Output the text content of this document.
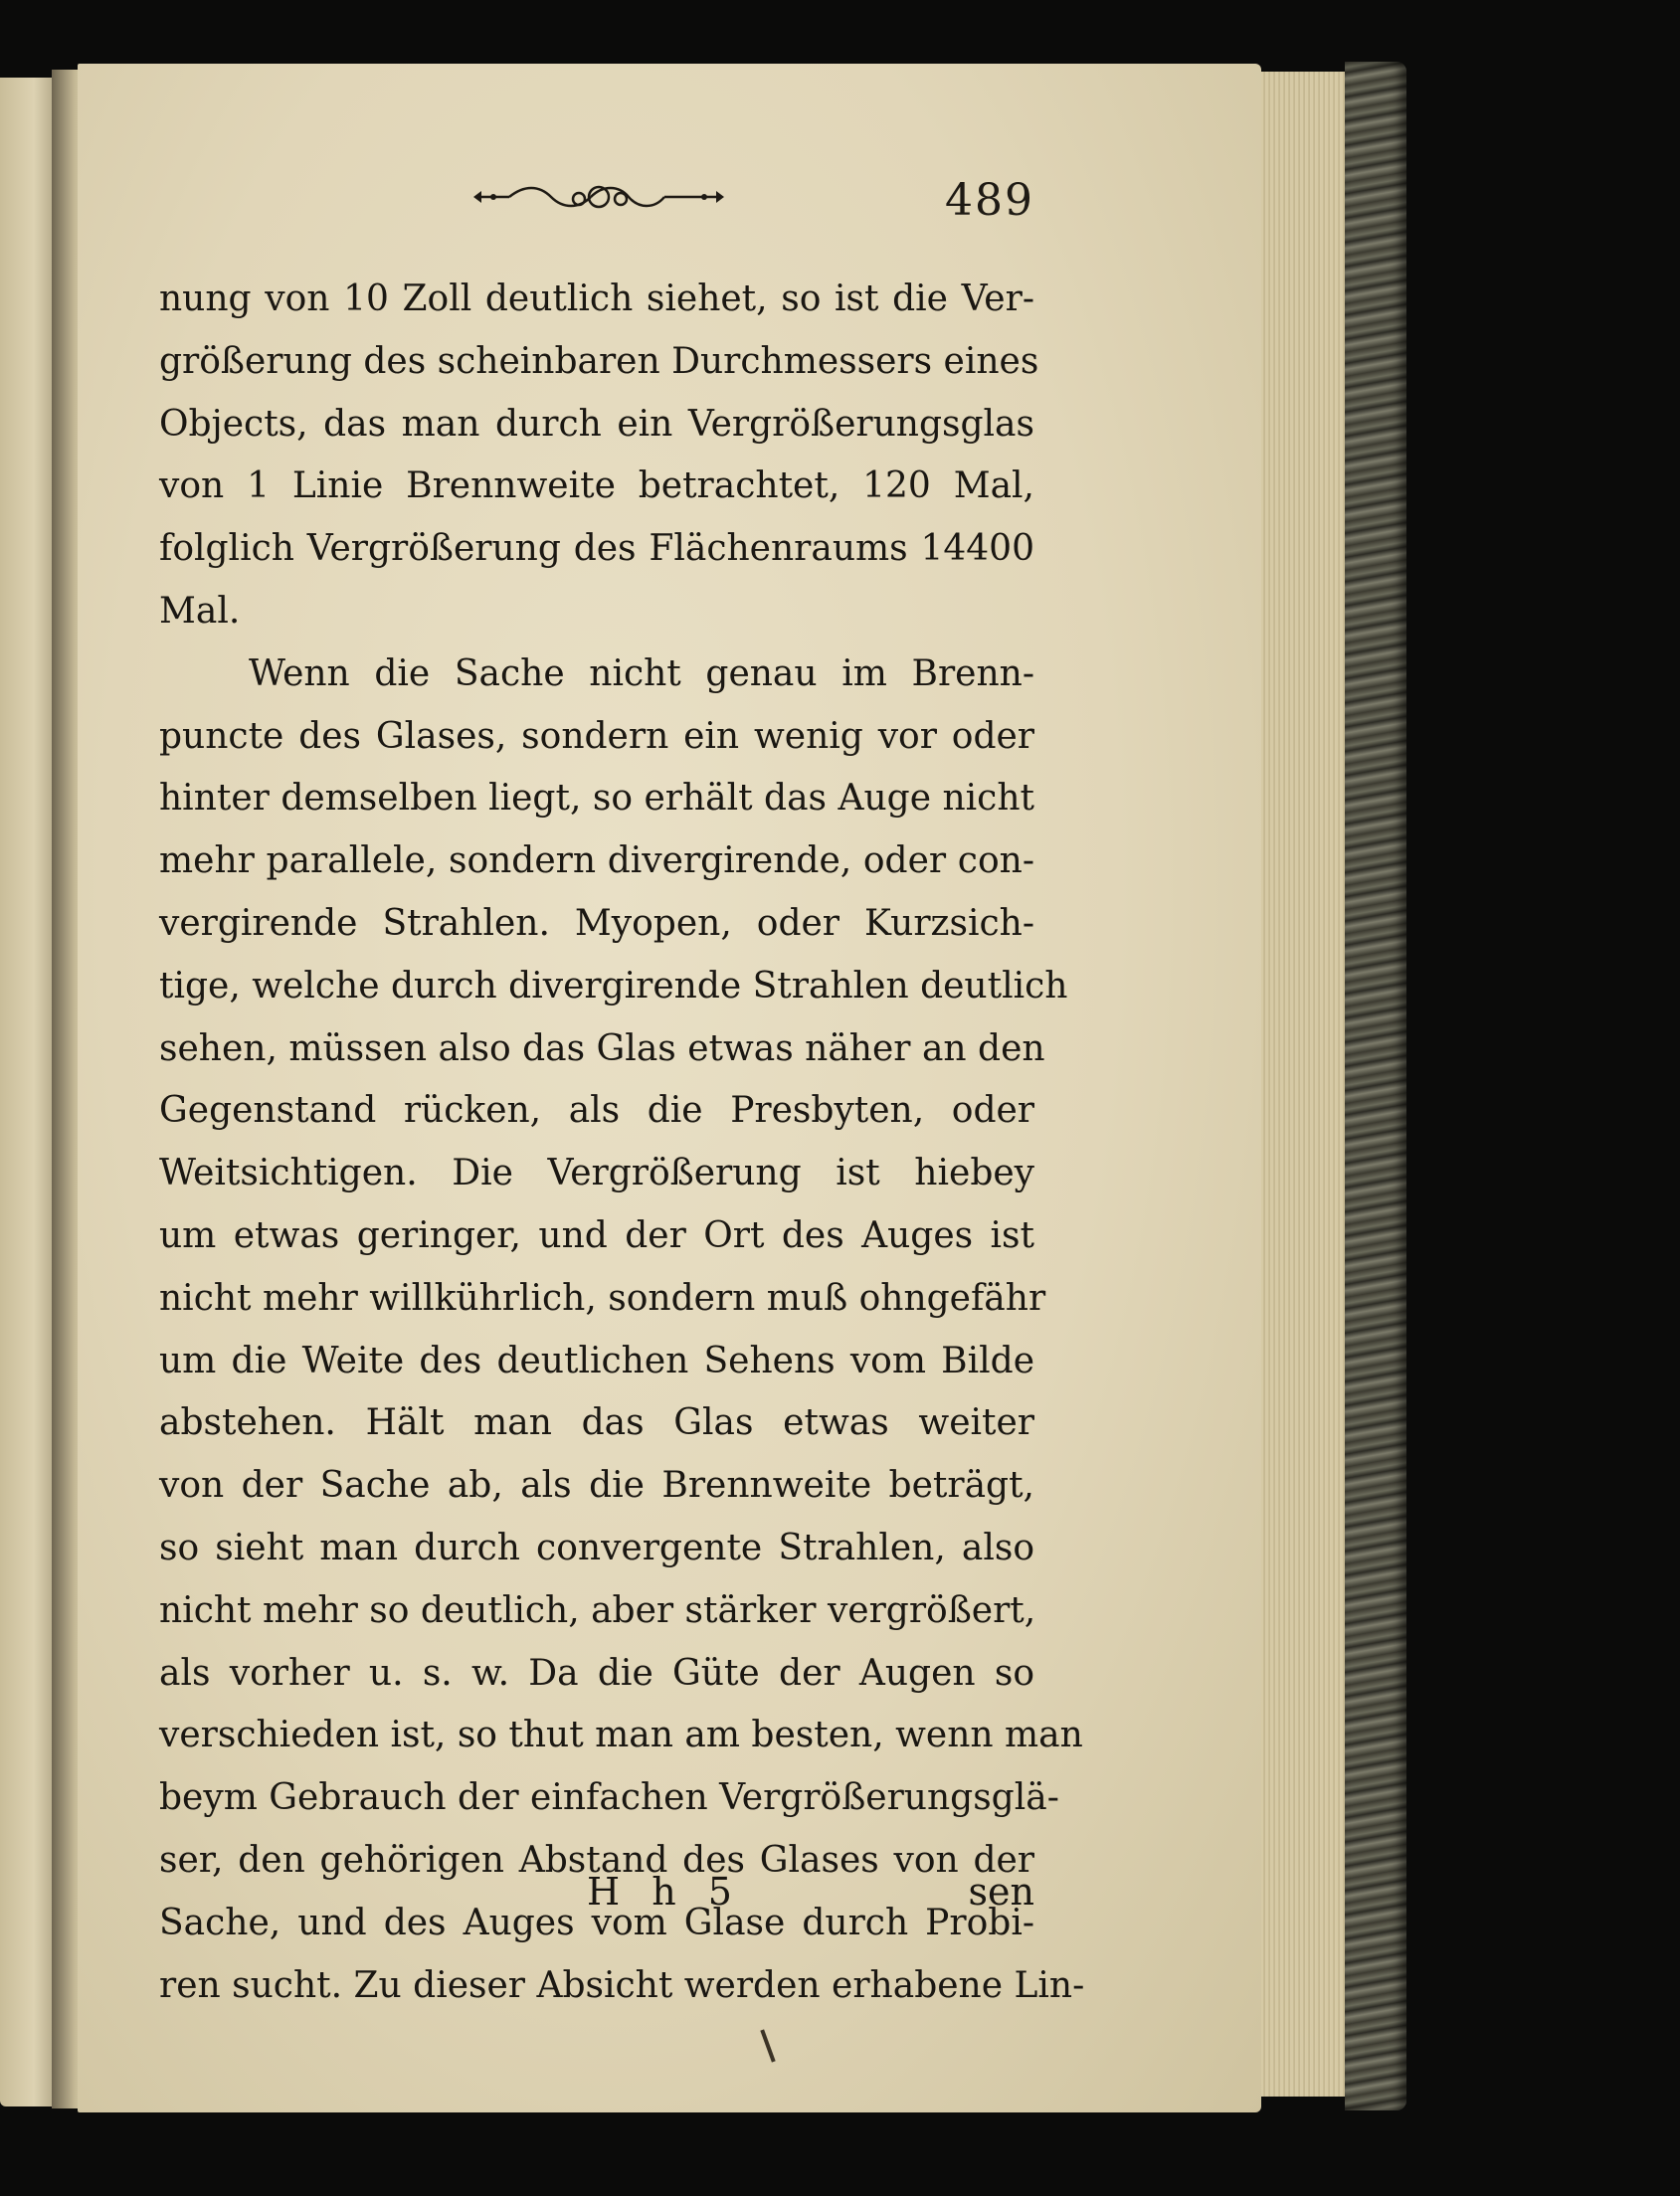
489
nung von 10 Zoll deutlich siehet, so ist die Ver-
größerung des scheinbaren Durchmessers eines
Objects, das man durch ein Vergrößerungsglas
von 1 Linie Brennweite betrachtet, 120 Mal,
folglich Vergrößerung des Flächenraums 14400
Mal.
Wenn die Sache nicht genau im Brenn-
puncte des Glases, sondern ein wenig vor oder
hinter demselben liegt, so erhält das Auge nicht
mehr parallele, sondern divergirende, oder con-
vergirende Strahlen. Myopen, oder Kurzsich-
tige, welche durch divergirende Strahlen deutlich
sehen, müssen also das Glas etwas näher an den
Gegenstand rücken, als die Presbyten, oder
Weitsichtigen. Die Vergrößerung ist hiebey
um etwas geringer, und der Ort des Auges ist
nicht mehr willkührlich, sondern muß ohngefähr
um die Weite des deutlichen Sehens vom Bilde
abstehen. Hält man das Glas etwas weiter
von der Sache ab, als die Brennweite beträgt,
so sieht man durch convergente Strahlen, also
nicht mehr so deutlich, aber stärker vergrößert,
als vorher u. s. w. Da die Güte der Augen so
verschieden ist, so thut man am besten, wenn man
beym Gebrauch der einfachen Vergrößerungsglä-
ser, den gehörigen Abstand des Glases von der
Sache, und des Auges vom Glase durch Probi-
ren sucht. Zu dieser Absicht werden erhabene Lin-
H h 5	sen
